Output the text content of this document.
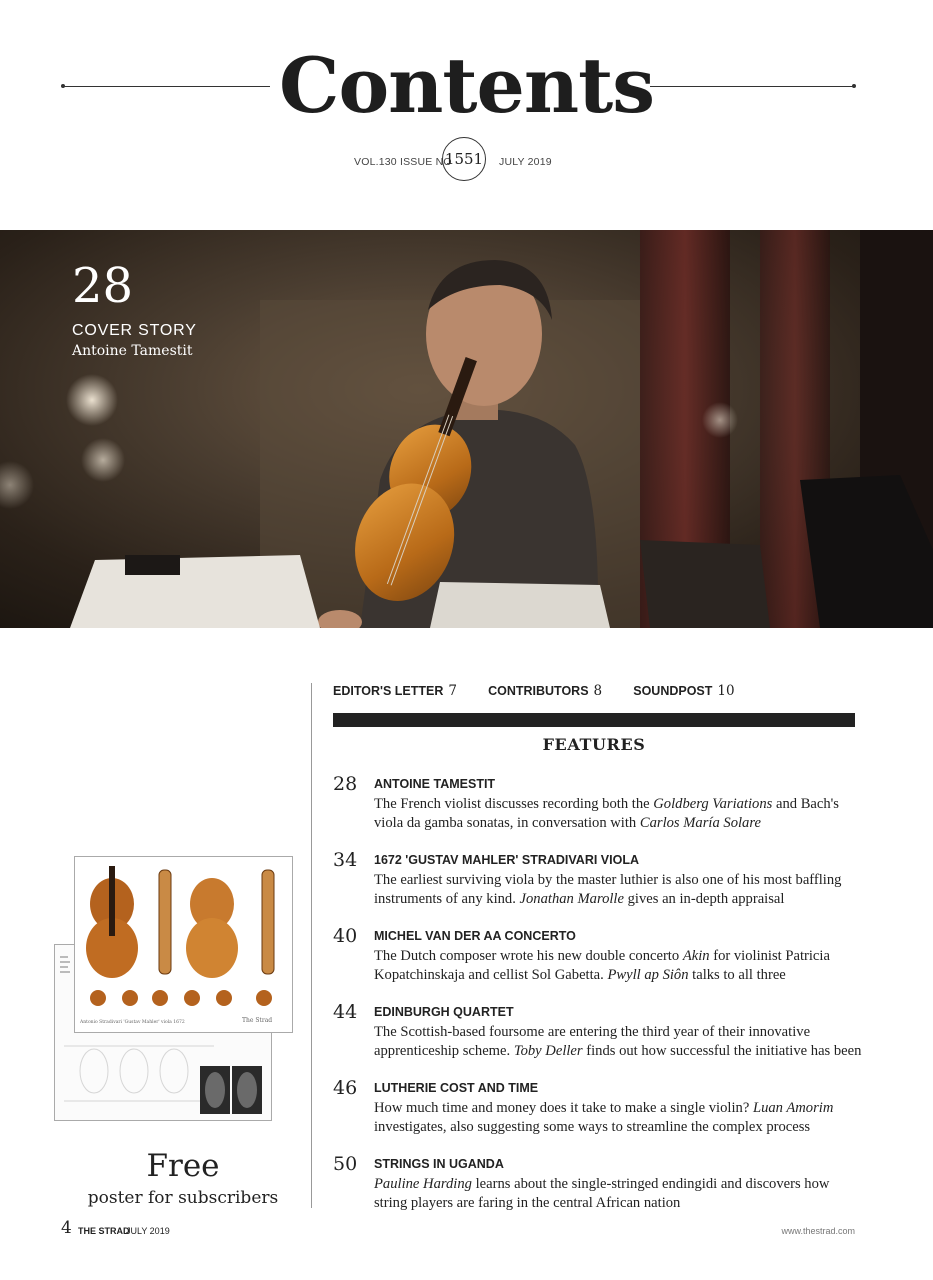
Contents
VOL.130 ISSUE NO
1551 JULY 2019
28
COVER STORY
Antoine Tamestit
Antonio Stradivari 'Gustav Mahler' viola 1672	The Strad
Free
poster for subscribers
EDITOR'S LETTER 7 CONTRIBUTORS 8 SOUNDPOST 10
FEATURES
28 ANTOINE TAMESTIT
The French violist discusses recording both the Goldberg Variations and Bach's viola da gamba sonatas, in conversation with Carlos María Solare
34 1672 'GUSTAV MAHLER' STRADIVARI VIOLA
The earliest surviving viola by the master luthier is also one of his most baffling instruments of any kind. Jonathan Marolle gives an in-depth appraisal
40 MICHEL VAN DER AA CONCERTO
The Dutch composer wrote his new double concerto Akin for violinist Patricia Kopatchinskaja and cellist Sol Gabetta. Pwyll ap Siôn talks to all three
44 EDINBURGH QUARTET
The Scottish-based foursome are entering the third year of their innovative apprenticeship scheme. Toby Deller finds out how successful the initiative has been
46 LUTHERIE COST AND TIME
How much time and money does it take to make a single violin? Luan Amorim investigates, also suggesting some ways to streamline the complex process
50 STRINGS IN UGANDA
Pauline Harding learns about the single-stringed endingidi and discovers how string players are faring in the central African nation
4 THE STRAD
JULY 2019	www.thestrad.com
